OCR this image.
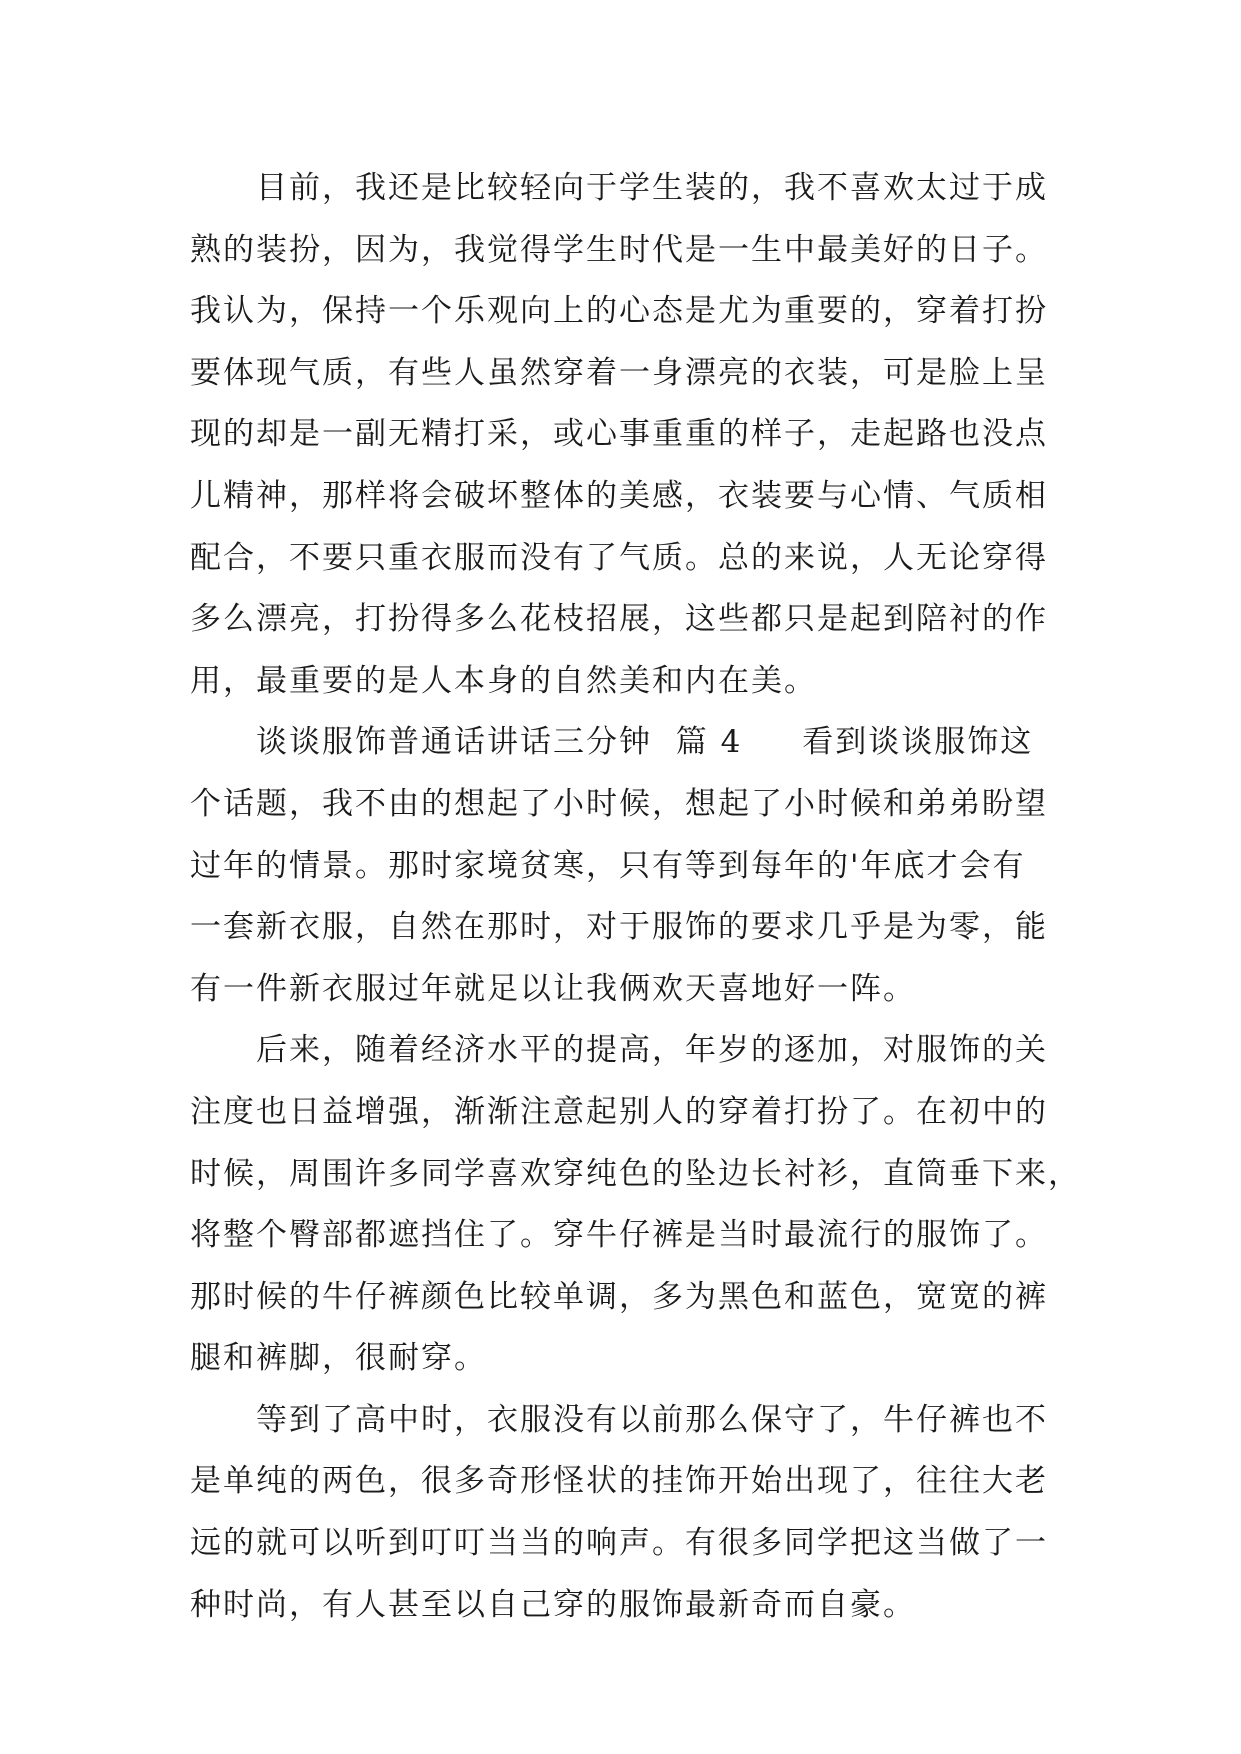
目前，我还是比较轻向于学生装的，我不喜欢太过于成
熟的装扮，因为，我觉得学生时代是一生中最美好的日子。
我认为，保持一个乐观向上的心态是尤为重要的，穿着打扮
要体现气质，有些人虽然穿着一身漂亮的衣装，可是脸上呈
现的却是一副无精打采，或心事重重的样子，走起路也没点
儿精神，那样将会破坏整体的美感，衣装要与心情、气质相
配合，不要只重衣服而没有了气质。总的来说，人无论穿得
多么漂亮，打扮得多么花枝招展，这些都只是起到陪衬的作
用，最重要的是人本身的自然美和内在美。
谈谈服饰普通话讲话三分钟 篇 4 看到谈谈服饰这
个话题，我不由的想起了小时候，想起了小时候和弟弟盼望
过年的情景。那时家境贫寒，只有等到每年的'年底才会有
一套新衣服，自然在那时，对于服饰的要求几乎是为零，能
有一件新衣服过年就足以让我俩欢天喜地好一阵。
后来，随着经济水平的提高，年岁的逐加，对服饰的关
注度也日益增强，渐渐注意起别人的穿着打扮了。在初中的
时候，周围许多同学喜欢穿纯色的坠边长衬衫，直筒垂下来，
将整个臀部都遮挡住了。穿牛仔裤是当时最流行的服饰了。
那时候的牛仔裤颜色比较单调，多为黑色和蓝色，宽宽的裤
腿和裤脚，很耐穿。
等到了高中时，衣服没有以前那么保守了，牛仔裤也不
是单纯的两色，很多奇形怪状的挂饰开始出现了，往往大老
远的就可以听到叮叮当当的响声。有很多同学把这当做了一
种时尚，有人甚至以自己穿的服饰最新奇而自豪。
